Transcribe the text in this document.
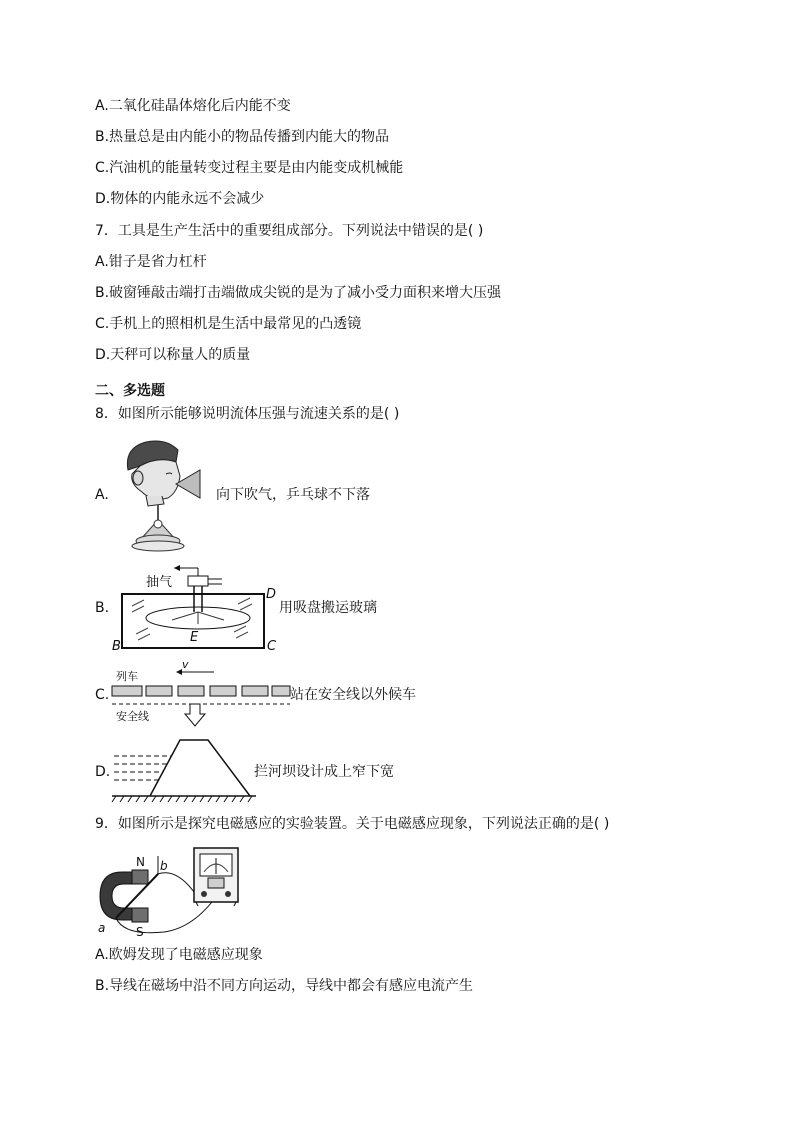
A.二氧化硅晶体熔化后内能不变
B.热量总是由内能小的物品传播到内能大的物品
C.汽油机的能量转变过程主要是由内能变成机械能
D.物体的内能永远不会减少
7．工具是生产生活中的重要组成部分。下列说法中错误的是( )
A.钳子是省力杠杆
B.破窗锤敲击端打击端做成尖锐的是为了减小受力面积来增大压强
C.手机上的照相机是生活中最常见的凸透镜
D.天秤可以称量人的质量
二、多选题
8．如图所示能够说明流体压强与流速关系的是( )
A.	向下吹气，乒乓球不下落
B.
抽气
D
B	C
E
用吸盘搬运玻璃
C.
列车
v
安全线
站在安全线以外候车
D.	拦河坝设计成上窄下宽
9．如图所示是探究电磁感应的实验装置。关于电磁感应现象，下列说法正确的是( )
N
S
a
b
A.欧姆发现了电磁感应现象
B.导线在磁场中沿不同方向运动，导线中都会有感应电流产生
